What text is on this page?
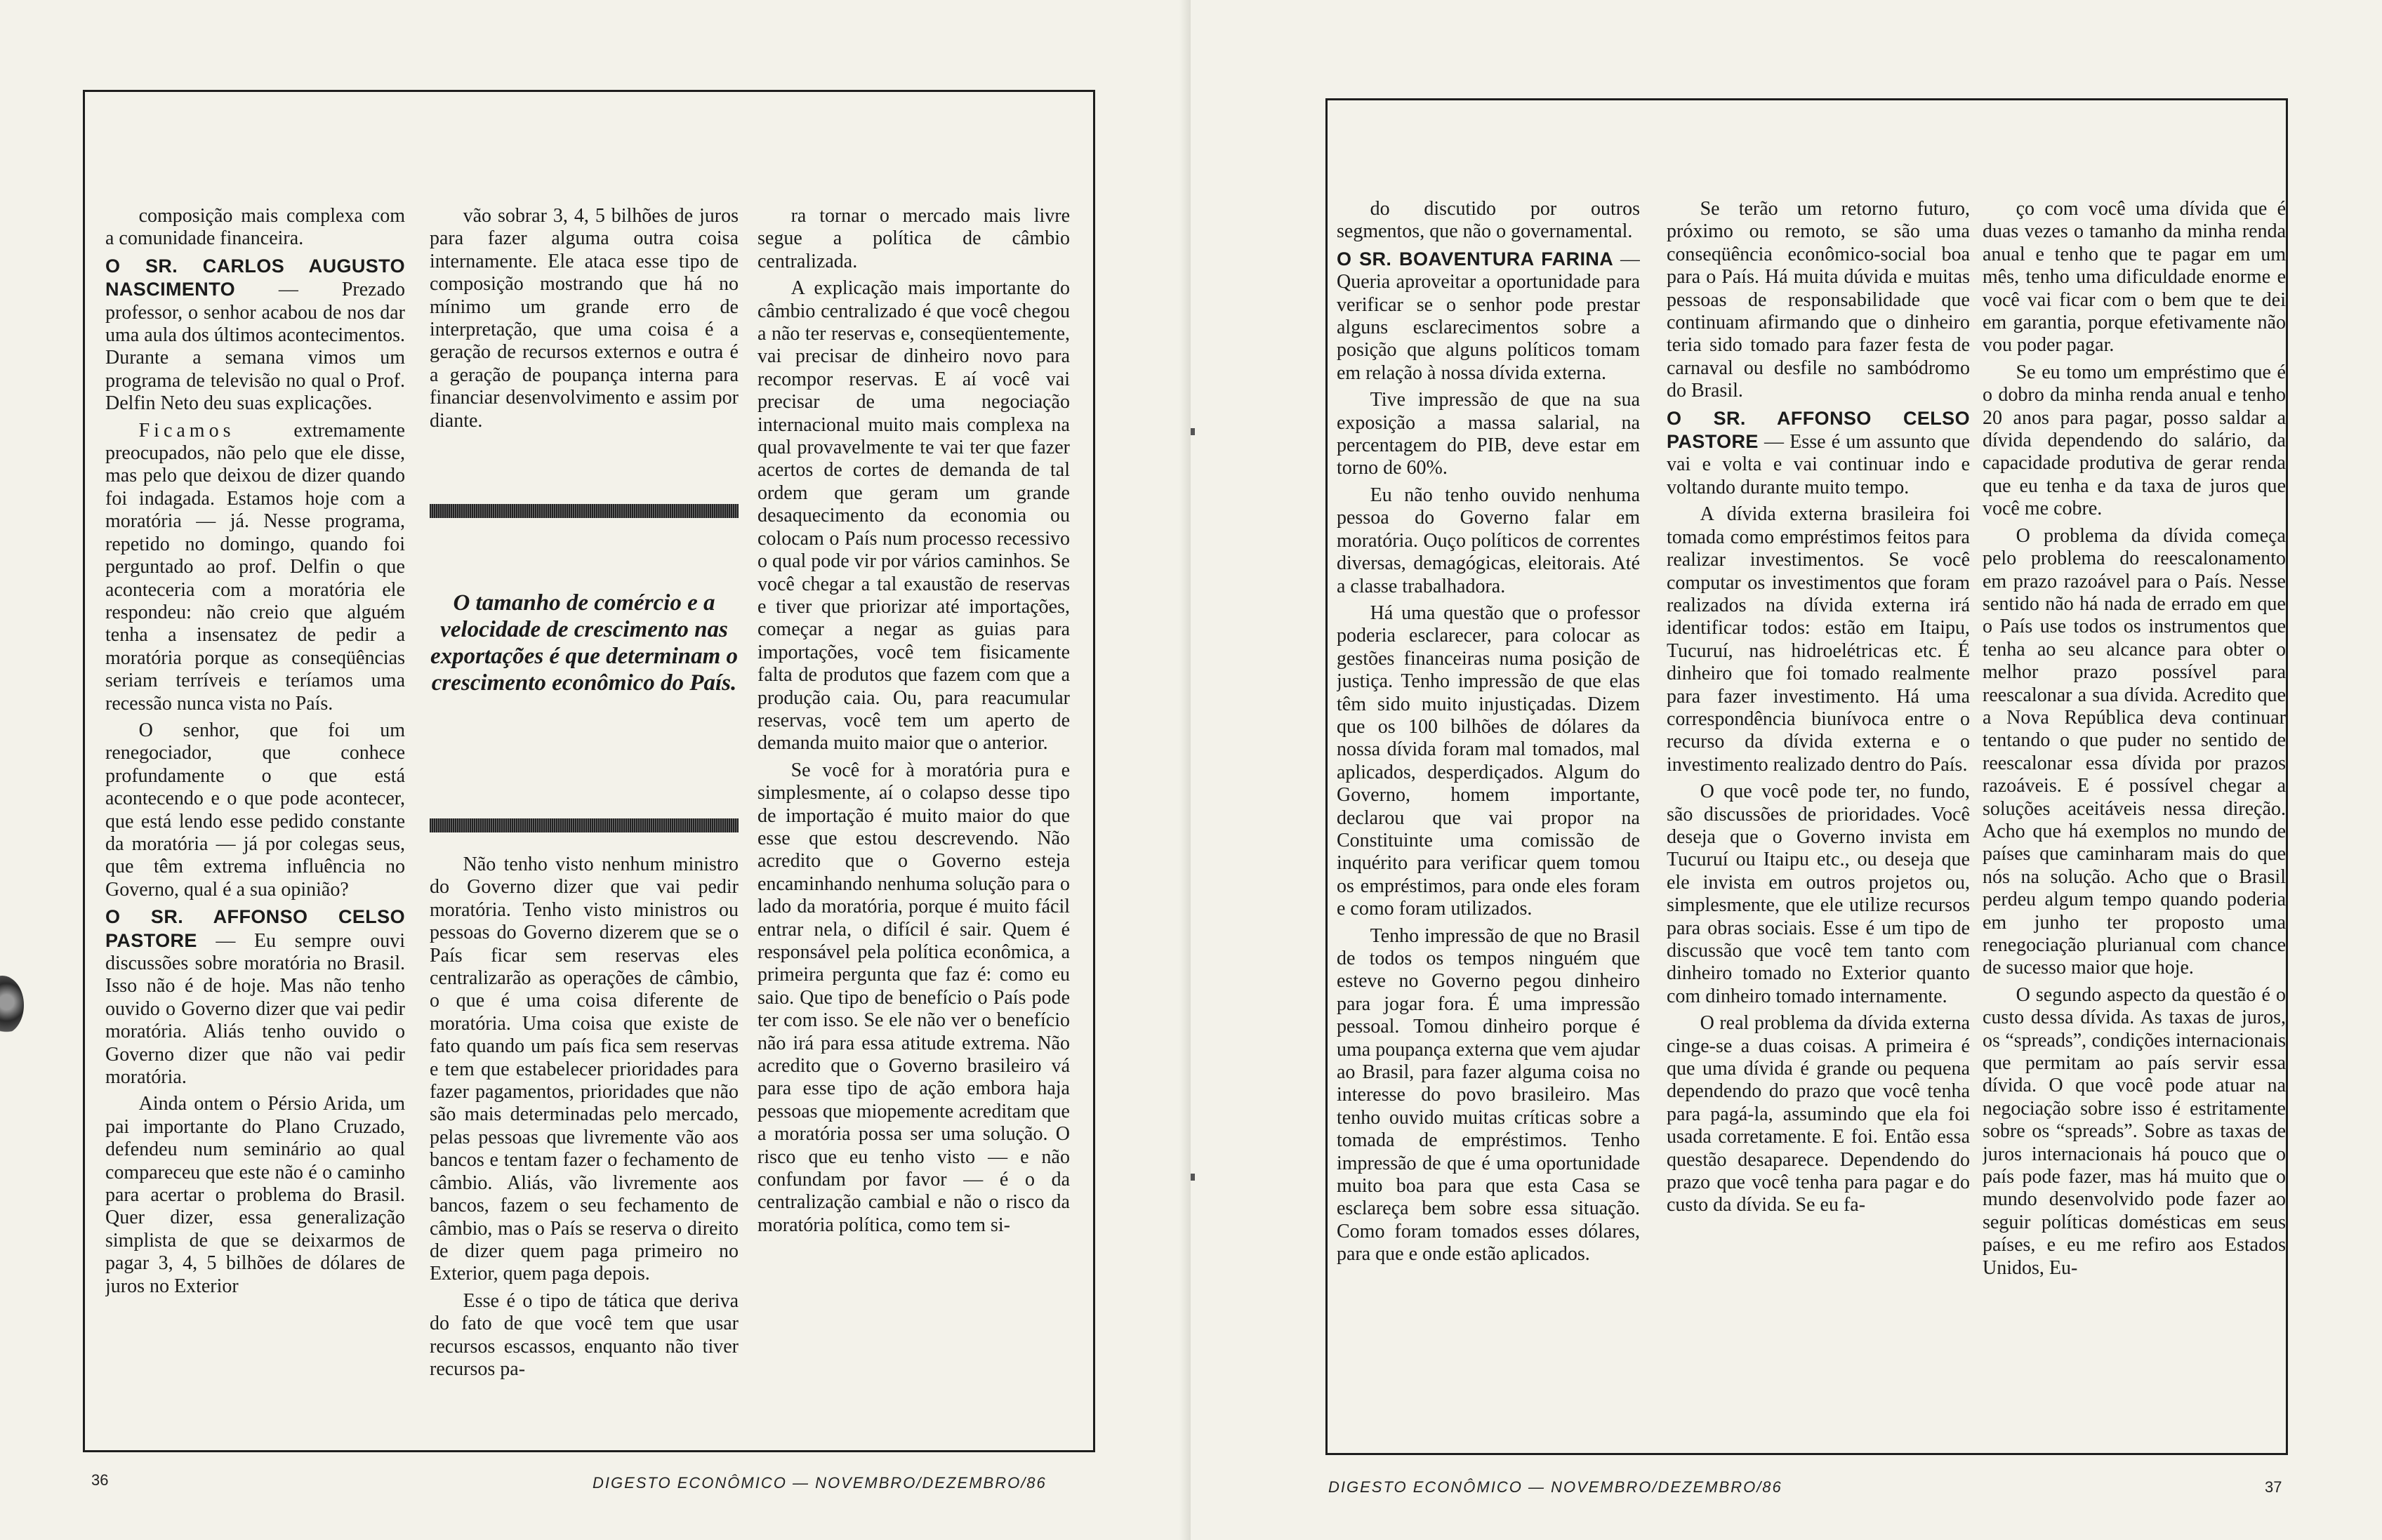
composição mais complexa com a comunidade financeira.

O SR. CARLOS AUGUSTO NASCIMENTO — Prezado professor, o senhor acabou de nos dar uma aula dos últimos acontecimentos. Durante a semana vimos um programa de televisão no qual o Prof. Delfin Neto deu suas explicações.

Ficamos extremamente preocupados, não pelo que ele disse, mas pelo que deixou de dizer quando foi indagada. Estamos hoje com a moratória — já. Nesse programa, repetido no domingo, quando foi perguntado ao prof. Delfin o que aconteceria com a moratória ele respondeu: não creio que alguém tenha a insensatez de pedir a moratória porque as conseqüências seriam terríveis e teríamos uma recessão nunca vista no País.

O senhor, que foi um renegociador, que conhece profundamente o que está acontecendo e o que pode acontecer, que está lendo esse pedido constante da moratória — já por colegas seus, que têm extrema influência no Governo, qual é a sua opinião?

O SR. AFFONSO CELSO PASTORE — Eu sempre ouvi discussões sobre moratória no Brasil. Isso não é de hoje. Mas não tenho ouvido o Governo dizer que vai pedir moratória. Aliás tenho ouvido o Governo dizer que não vai pedir moratória.

Ainda ontem o Pérsio Arida, um pai importante do Plano Cruzado, defendeu num seminário ao qual compareceu que este não é o caminho para acertar o problema do Brasil. Quer dizer, essa generalização simplista de que se deixarmos de pagar 3, 4, 5 bilhões de dólares de juros no Exterior

vão sobrar 3, 4, 5 bilhões de juros para fazer alguma outra coisa internamente. Ele ataca esse tipo de composição mostrando que há no mínimo um grande erro de interpretação, que uma coisa é a geração de recursos externos e outra é a geração de poupança interna para financiar desenvolvimento e assim por diante.

O tamanho de comércio e a velocidade de crescimento nas exportações é que determinam o crescimento econômico do País.

Não tenho visto nenhum ministro do Governo dizer que vai pedir moratória. Tenho visto ministros ou pessoas do Governo dizerem que se o País ficar sem reservas eles centralizarão as operações de câmbio, o que é uma coisa diferente de moratória. Uma coisa que existe de fato quando um país fica sem reservas e tem que estabelecer prioridades para fazer pagamentos, prioridades que não são mais determinadas pelo mercado, pelas pessoas que livremente vão aos bancos e tentam fazer o fechamento de câmbio. Aliás, vão livremente aos bancos, fazem o seu fechamento de câmbio, mas o País se reserva o direito de dizer quem paga primeiro no Exterior, quem paga depois.

Esse é o tipo de tática que deriva do fato de que você tem que usar recursos escassos, enquanto não tiver recursos pa-

ra tornar o mercado mais livre segue a política de câmbio centralizada.

A explicação mais importante do câmbio centralizado é que você chegou a não ter reservas e, conseqüentemente, vai precisar de dinheiro novo para recompor reservas. E aí você vai precisar de uma negociação internacional muito mais complexa na qual provavelmente te vai ter que fazer acertos de cortes de demanda de tal ordem que geram um grande desaquecimento da economia ou colocam o País num processo recessivo o qual pode vir por vários caminhos. Se você chegar a tal exaustão de reservas e tiver que priorizar até importações, começar a negar as guias para importações, você tem fisicamente falta de produtos que fazem com que a produção caia. Ou, para reacumular reservas, você tem um aperto de demanda muito maior que o anterior.

Se você for à moratória pura e simplesmente, aí o colapso desse tipo de importação é muito maior do que esse que estou descrevendo. Não acredito que o Governo esteja encaminhando nenhuma solução para o lado da moratória, porque é muito fácil entrar nela, o difícil é sair. Quem é responsável pela política econômica, a primeira pergunta que faz é: como eu saio. Que tipo de benefício o País pode ter com isso. Se ele não ver o benefício não irá para essa atitude extrema. Não acredito que o Governo brasileiro vá para esse tipo de ação embora haja pessoas que miopemente acreditam que a moratória possa ser uma solução. O risco que eu tenho visto — e não confundam por favor — é o da centralização cambial e não o risco da moratória política, como tem si-

36	DIGESTO ECONÔMICO — NOVEMBRO/DEZEMBRO/86

do discutido por outros segmentos, que não o governamental.

O SR. BOAVENTURA FARINA — Queria aproveitar a oportunidade para verificar se o senhor pode prestar alguns esclarecimentos sobre a posição que alguns políticos tomam em relação à nossa dívida externa.

Tive impressão de que na sua exposição a massa salarial, na percentagem do PIB, deve estar em torno de 60%.

Eu não tenho ouvido nenhuma pessoa do Governo falar em moratória. Ouço políticos de correntes diversas, demagógicas, eleitorais. Até a classe trabalhadora.

Há uma questão que o professor poderia esclarecer, para colocar as gestões financeiras numa posição de justiça. Tenho impressão de que elas têm sido muito injustiçadas. Dizem que os 100 bilhões de dólares da nossa dívida foram mal tomados, mal aplicados, desperdiçados. Algum do Governo, homem importante, declarou que vai propor na Constituinte uma comissão de inquérito para verificar quem tomou os empréstimos, para onde eles foram e como foram utilizados.

Tenho impressão de que no Brasil de todos os tempos ninguém que esteve no Governo pegou dinheiro para jogar fora. É uma impressão pessoal. Tomou dinheiro porque é uma poupança externa que vem ajudar ao Brasil, para fazer alguma coisa no interesse do povo brasileiro. Mas tenho ouvido muitas críticas sobre a tomada de empréstimos. Tenho impressão de que é uma oportunidade muito boa para que esta Casa se esclareça bem sobre essa situação. Como foram tomados esses dólares, para que e onde estão aplicados.

Se terão um retorno futuro, próximo ou remoto, se são uma conseqüência econômico-social boa para o País. Há muita dúvida e muitas pessoas de responsabilidade que continuam afirmando que o dinheiro teria sido tomado para fazer festa de carnaval ou desfile no sambódromo do Brasil.

O SR. AFFONSO CELSO PASTORE — Esse é um assunto que vai e volta e vai continuar indo e voltando durante muito tempo.

A dívida externa brasileira foi tomada como empréstimos feitos para realizar investimentos. Se você computar os investimentos que foram realizados na dívida externa irá identificar todos: estão em Itaipu, Tucuruí, nas hidroelétricas etc. É dinheiro que foi tomado realmente para fazer investimento. Há uma correspondência biunívoca entre o recurso da dívida externa e o investimento realizado dentro do País.

O que você pode ter, no fundo, são discussões de prioridades. Você deseja que o Governo invista em Tucuruí ou Itaipu etc., ou deseja que ele invista em outros projetos ou, simplesmente, que ele utilize recursos para obras sociais. Esse é um tipo de discussão que você tem tanto com dinheiro tomado no Exterior quanto com dinheiro tomado internamente.

O real problema da dívida externa cinge-se a duas coisas. A primeira é que uma dívida é grande ou pequena dependendo do prazo que você tenha para pagá-la, assumindo que ela foi usada corretamente. E foi. Então essa questão desaparece. Dependendo do prazo que você tenha para pagar e do custo da dívida. Se eu fa-

ço com você uma dívida que é duas vezes o tamanho da minha renda anual e tenho que te pagar em um mês, tenho uma dificuldade enorme e você vai ficar com o bem que te dei em garantia, porque efetivamente não vou poder pagar.

Se eu tomo um empréstimo que é o dobro da minha renda anual e tenho 20 anos para pagar, posso saldar a dívida dependendo do salário, da capacidade produtiva de gerar renda que eu tenha e da taxa de juros que você me cobre.

O problema da dívida começa pelo problema do reescalonamento em prazo razoável para o País. Nesse sentido não há nada de errado em que o País use todos os instrumentos que tenha ao seu alcance para obter o melhor prazo possível para reescalonar a sua dívida. Acredito que a Nova República deva continuar tentando o que puder no sentido de reescalonar essa dívida por prazos razoáveis. E é possível chegar a soluções aceitáveis nessa direção. Acho que há exemplos no mundo de países que caminharam mais do que nós na solução. Acho que o Brasil perdeu algum tempo quando poderia em junho ter proposto uma renegociação plurianual com chance de sucesso maior que hoje.

O segundo aspecto da questão é o custo dessa dívida. As taxas de juros, os “spreads”, condições internacionais que permitam ao país servir essa dívida. O que você pode atuar na negociação sobre isso é estritamente sobre os “spreads”. Sobre as taxas de juros internacionais há pouco que o país pode fazer, mas há muito que o mundo desenvolvido pode fazer ao seguir políticas domésticas em seus países, e eu me refiro aos Estados Unidos, Eu-

DIGESTO ECONÔMICO — NOVEMBRO/DEZEMBRO/86	37
